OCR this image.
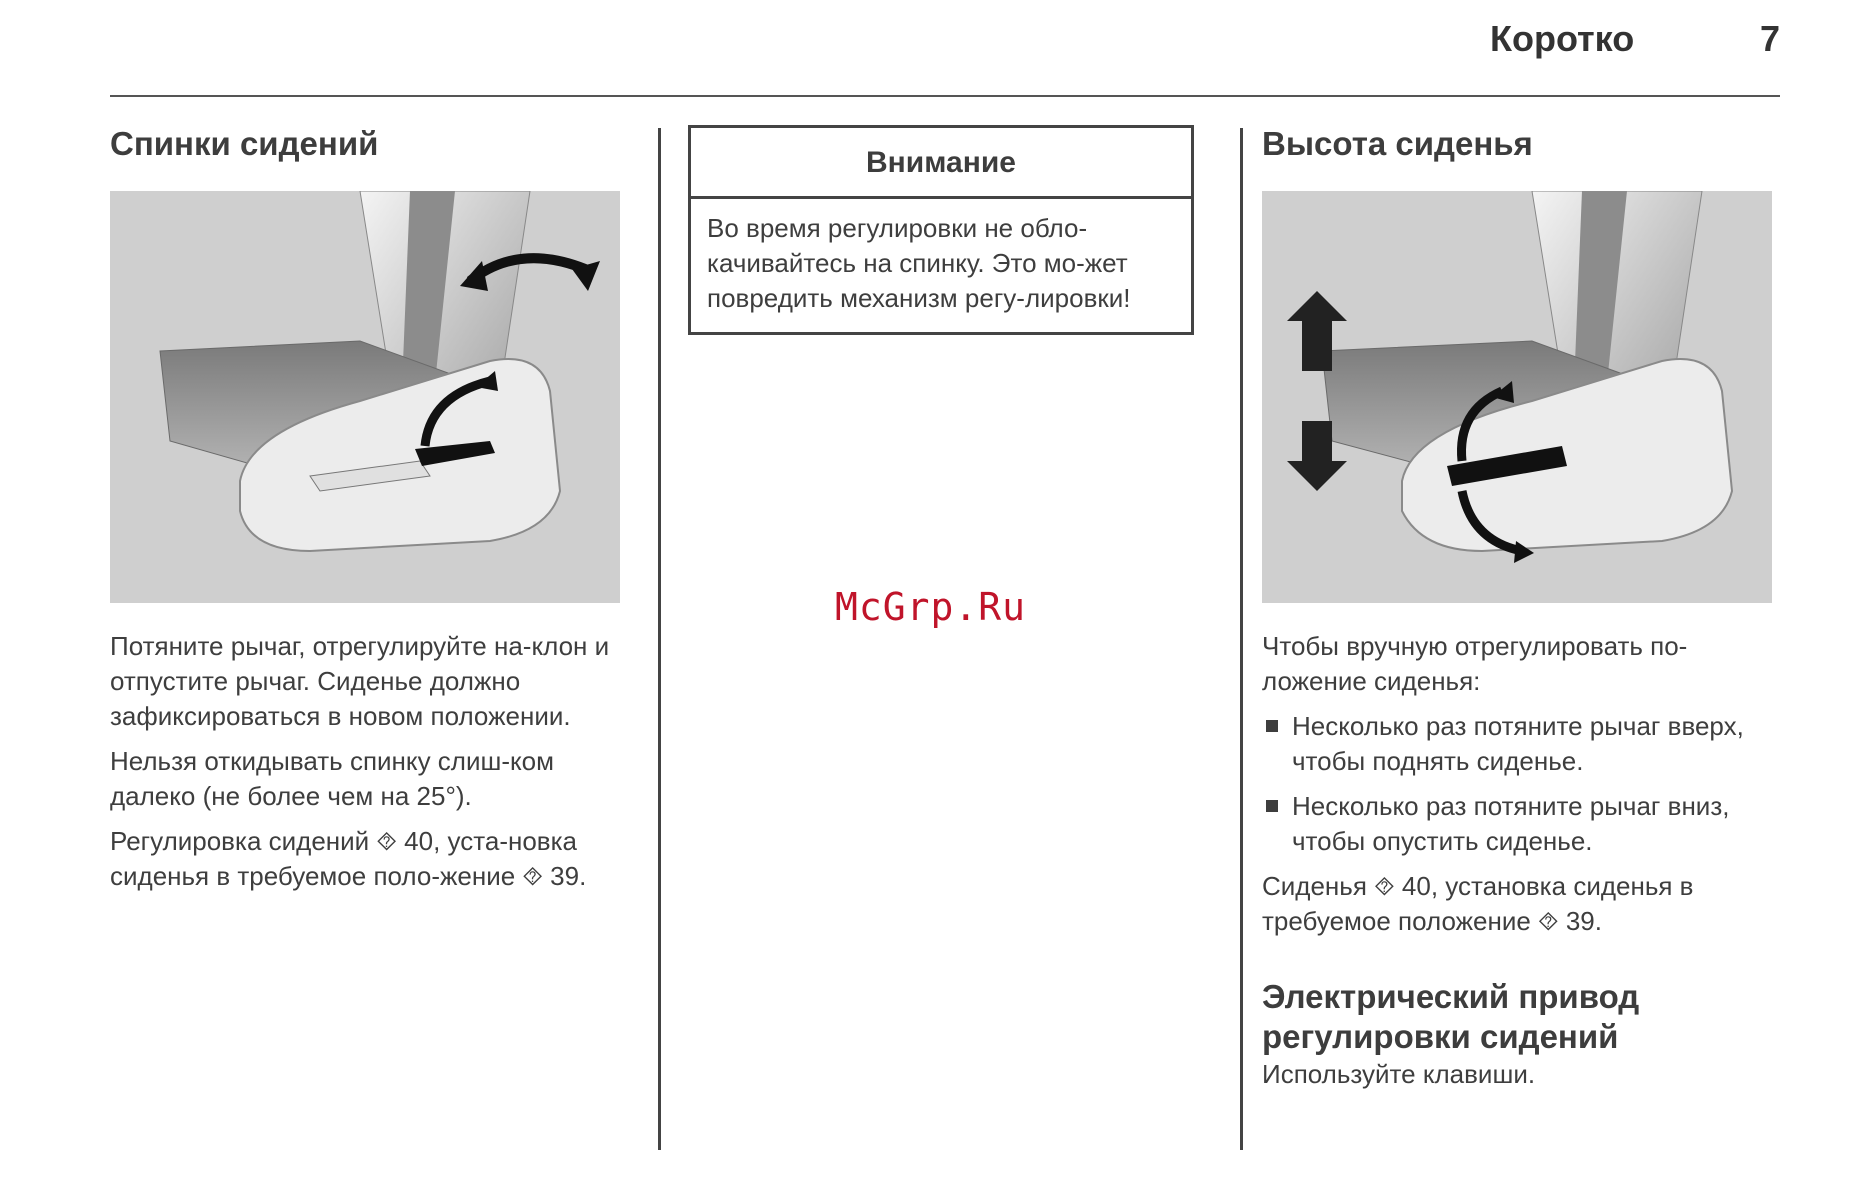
Коротко	7
Спинки сидений

Потяните рычаг, отрегулируйте на-клон и отпустите рычаг. Сиденье должно зафиксироваться в новом положении.

Нельзя откидывать спинку слиш-ком далеко (не более чем на 25°).

Регулировка сидений ⯑ 40, уста-новка сиденья в требуемое поло-жение ⯑ 39.

Внимание
Во время регулировки не обло-качивайтесь на спинку. Это мо-жет повредить механизм регу-лировки!
McGrp.Ru
Высота сиденья

Чтобы вручную отрегулировать по-ложение сиденья:

Несколько раз потяните рычаг вверх, чтобы поднять сиденье.
Несколько раз потяните рычаг вниз, чтобы опустить сиденье.

Сиденья ⯑ 40, установка сиденья в требуемое положение ⯑ 39.

Электрический привод
регулировки сидений

Используйте клавиши.
